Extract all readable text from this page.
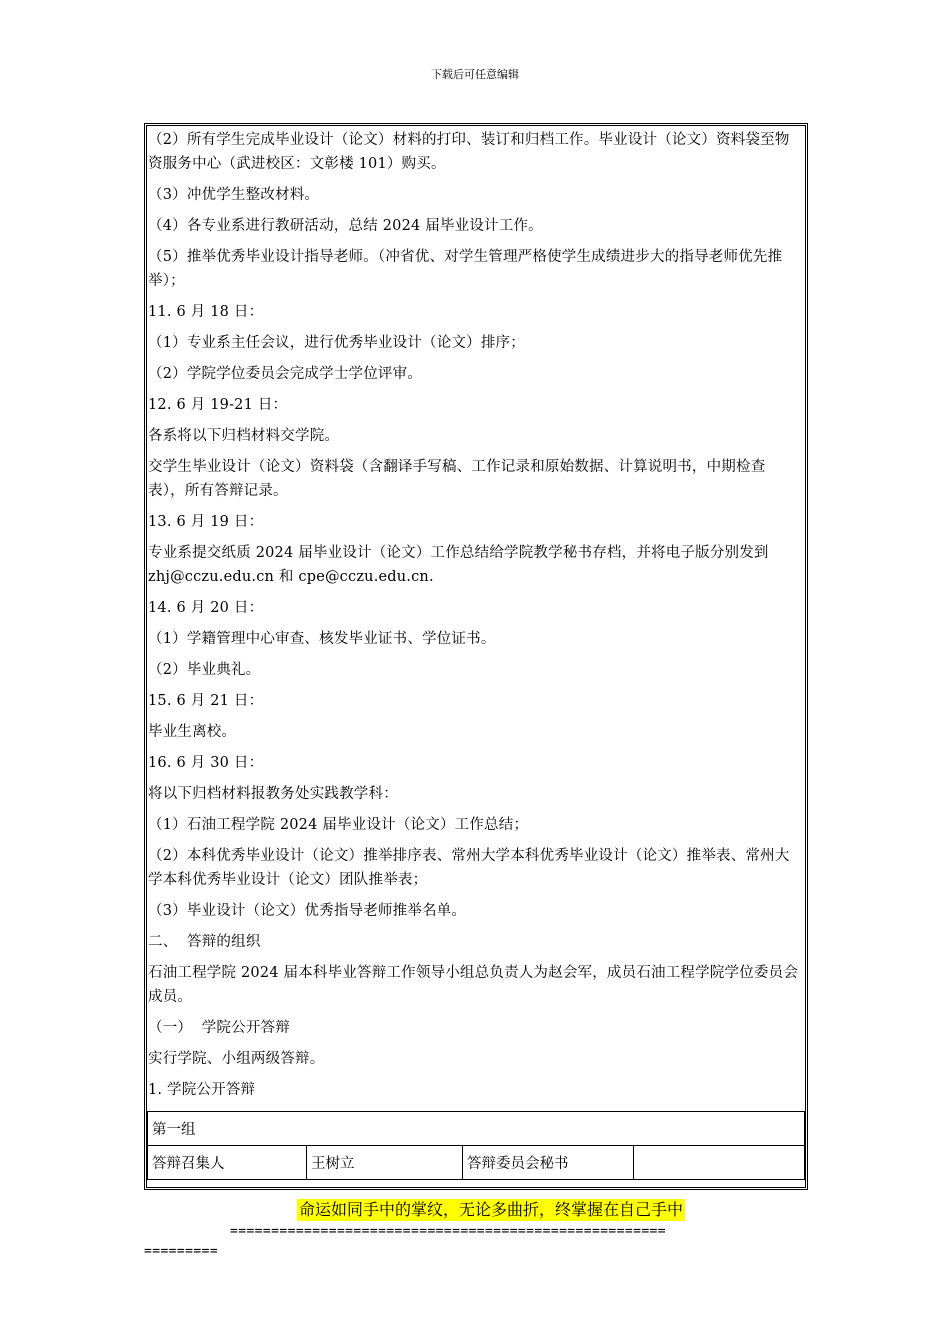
下载后可任意编辑

（2）所有学生完成毕业设计（论文）材料的打印、装订和归档工作。毕业设计（论文）资料袋至物资服务中心（武进校区：文彰楼 101）购买。

（3）冲优学生整改材料。

（4）各专业系进行教研活动，总结 2024 届毕业设计工作。

（5）推举优秀毕业设计指导老师。（冲省优、对学生管理严格使学生成绩进步大的指导老师优先推举）；

11. 6 月 18 日：

（1）专业系主任会议，进行优秀毕业设计（论文）排序；

（2）学院学位委员会完成学士学位评审。

12. 6 月 19-21 日：

各系将以下归档材料交学院。

交学生毕业设计（论文）资料袋（含翻译手写稿、工作记录和原始数据、计算说明书，中期检查表），所有答辩记录。

13. 6 月 19 日：

专业系提交纸质 2024 届毕业设计（论文）工作总结给学院教学秘书存档，并将电子版分别发到 zhj@cczu.edu.cn 和 cpe@cczu.edu.cn.

14. 6 月 20 日：

（1）学籍管理中心审查、核发毕业证书、学位证书。

（2）毕业典礼。

15. 6 月 21 日：

毕业生离校。

16. 6 月 30 日：

将以下归档材料报教务处实践教学科：

（1）石油工程学院 2024 届毕业设计（论文）工作总结；

（2）本科优秀毕业设计（论文）推举排序表、常州大学本科优秀毕业设计（论文）推举表、常州大学本科优秀毕业设计（论文）团队推举表；

（3）毕业设计（论文）优秀指导老师推举名单。

二、  答辩的组织

石油工程学院 2024 届本科毕业答辩工作领导小组总负责人为赵会军，成员石油工程学院学位委员会成员。

（一）  学院公开答辩

实行学院、小组两级答辩。

1. 学院公开答辩

第一组
答辩召集人	王树立	答辩委员会秘书	
命运如同手中的掌纹，无论多曲折，终掌握在自己手中
=====================================================
=========
